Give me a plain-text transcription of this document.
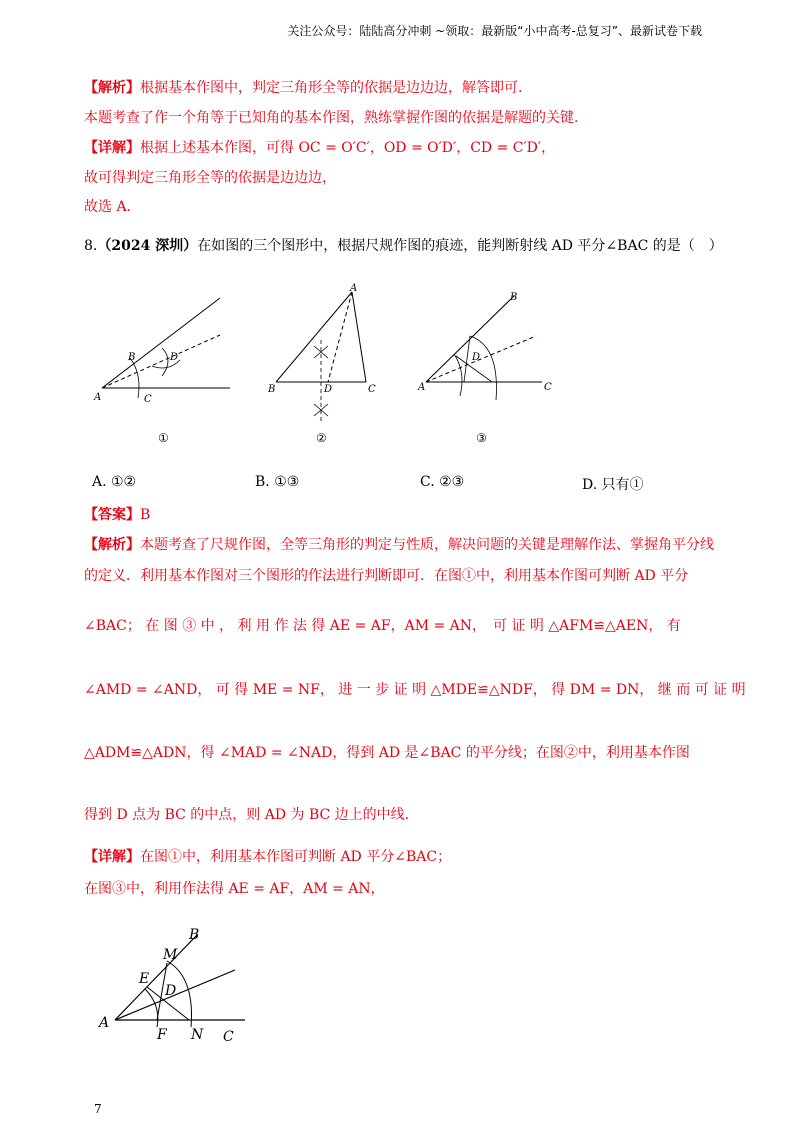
关注公众号：陆陆高分冲刺 ~领取：最新版“小中高考-总复习”、最新试卷下载
【解析】根据基本作图中，判定三角形全等的依据是边边边，解答即可.
本题考查了作一个角等于已知角的基本作图，熟练掌握作图的依据是解题的关键.
【详解】根据上述基本作图，可得 OC = O′C′，OD = O′D′，CD = C′D′，
故可得判定三角形全等的依据是边边边，
故选 A.
8.（2024 深圳）在如图的三个图形中，根据尺规作图的痕迹，能判断射线 AD 平分∠BAC 的是（　）
B
A	C
D
①
A
B	C
D
②
B
A	C
D
③
A. ①②	B. ①③	C. ②③	D. 只有①
【答案】B
【解析】本题考查了尺规作图，全等三角形的判定与性质，解决问题的关键是理解作法、掌握角平分线
的定义．利用基本作图对三个图形的作法进行判断即可．在图①中，利用基本作图可判断 AD 平分
∠BAC； 在 图 ③ 中 ， 利 用 作 法 得 AE = AF，AM = AN，　可 证 明 △AFM≌△AEN， 有
∠AMD = ∠AND， 可 得 ME = NF， 进 一 步 证 明 △MDE≌△NDF， 得 DM = DN， 继 而 可 证 明
△ADM≌△ADN，得 ∠MAD = ∠NAD，得到 AD 是∠BAC 的平分线；在图②中，利用基本作图
得到 D 点为 BC 的中点，则 AD 为 BC 边上的中线.
【详解】在图①中，利用基本作图可判断 AD 平分∠BAC；
在图③中，利用作法得 AE = AF，AM = AN，
B
M
E
D
A
F N C
7
